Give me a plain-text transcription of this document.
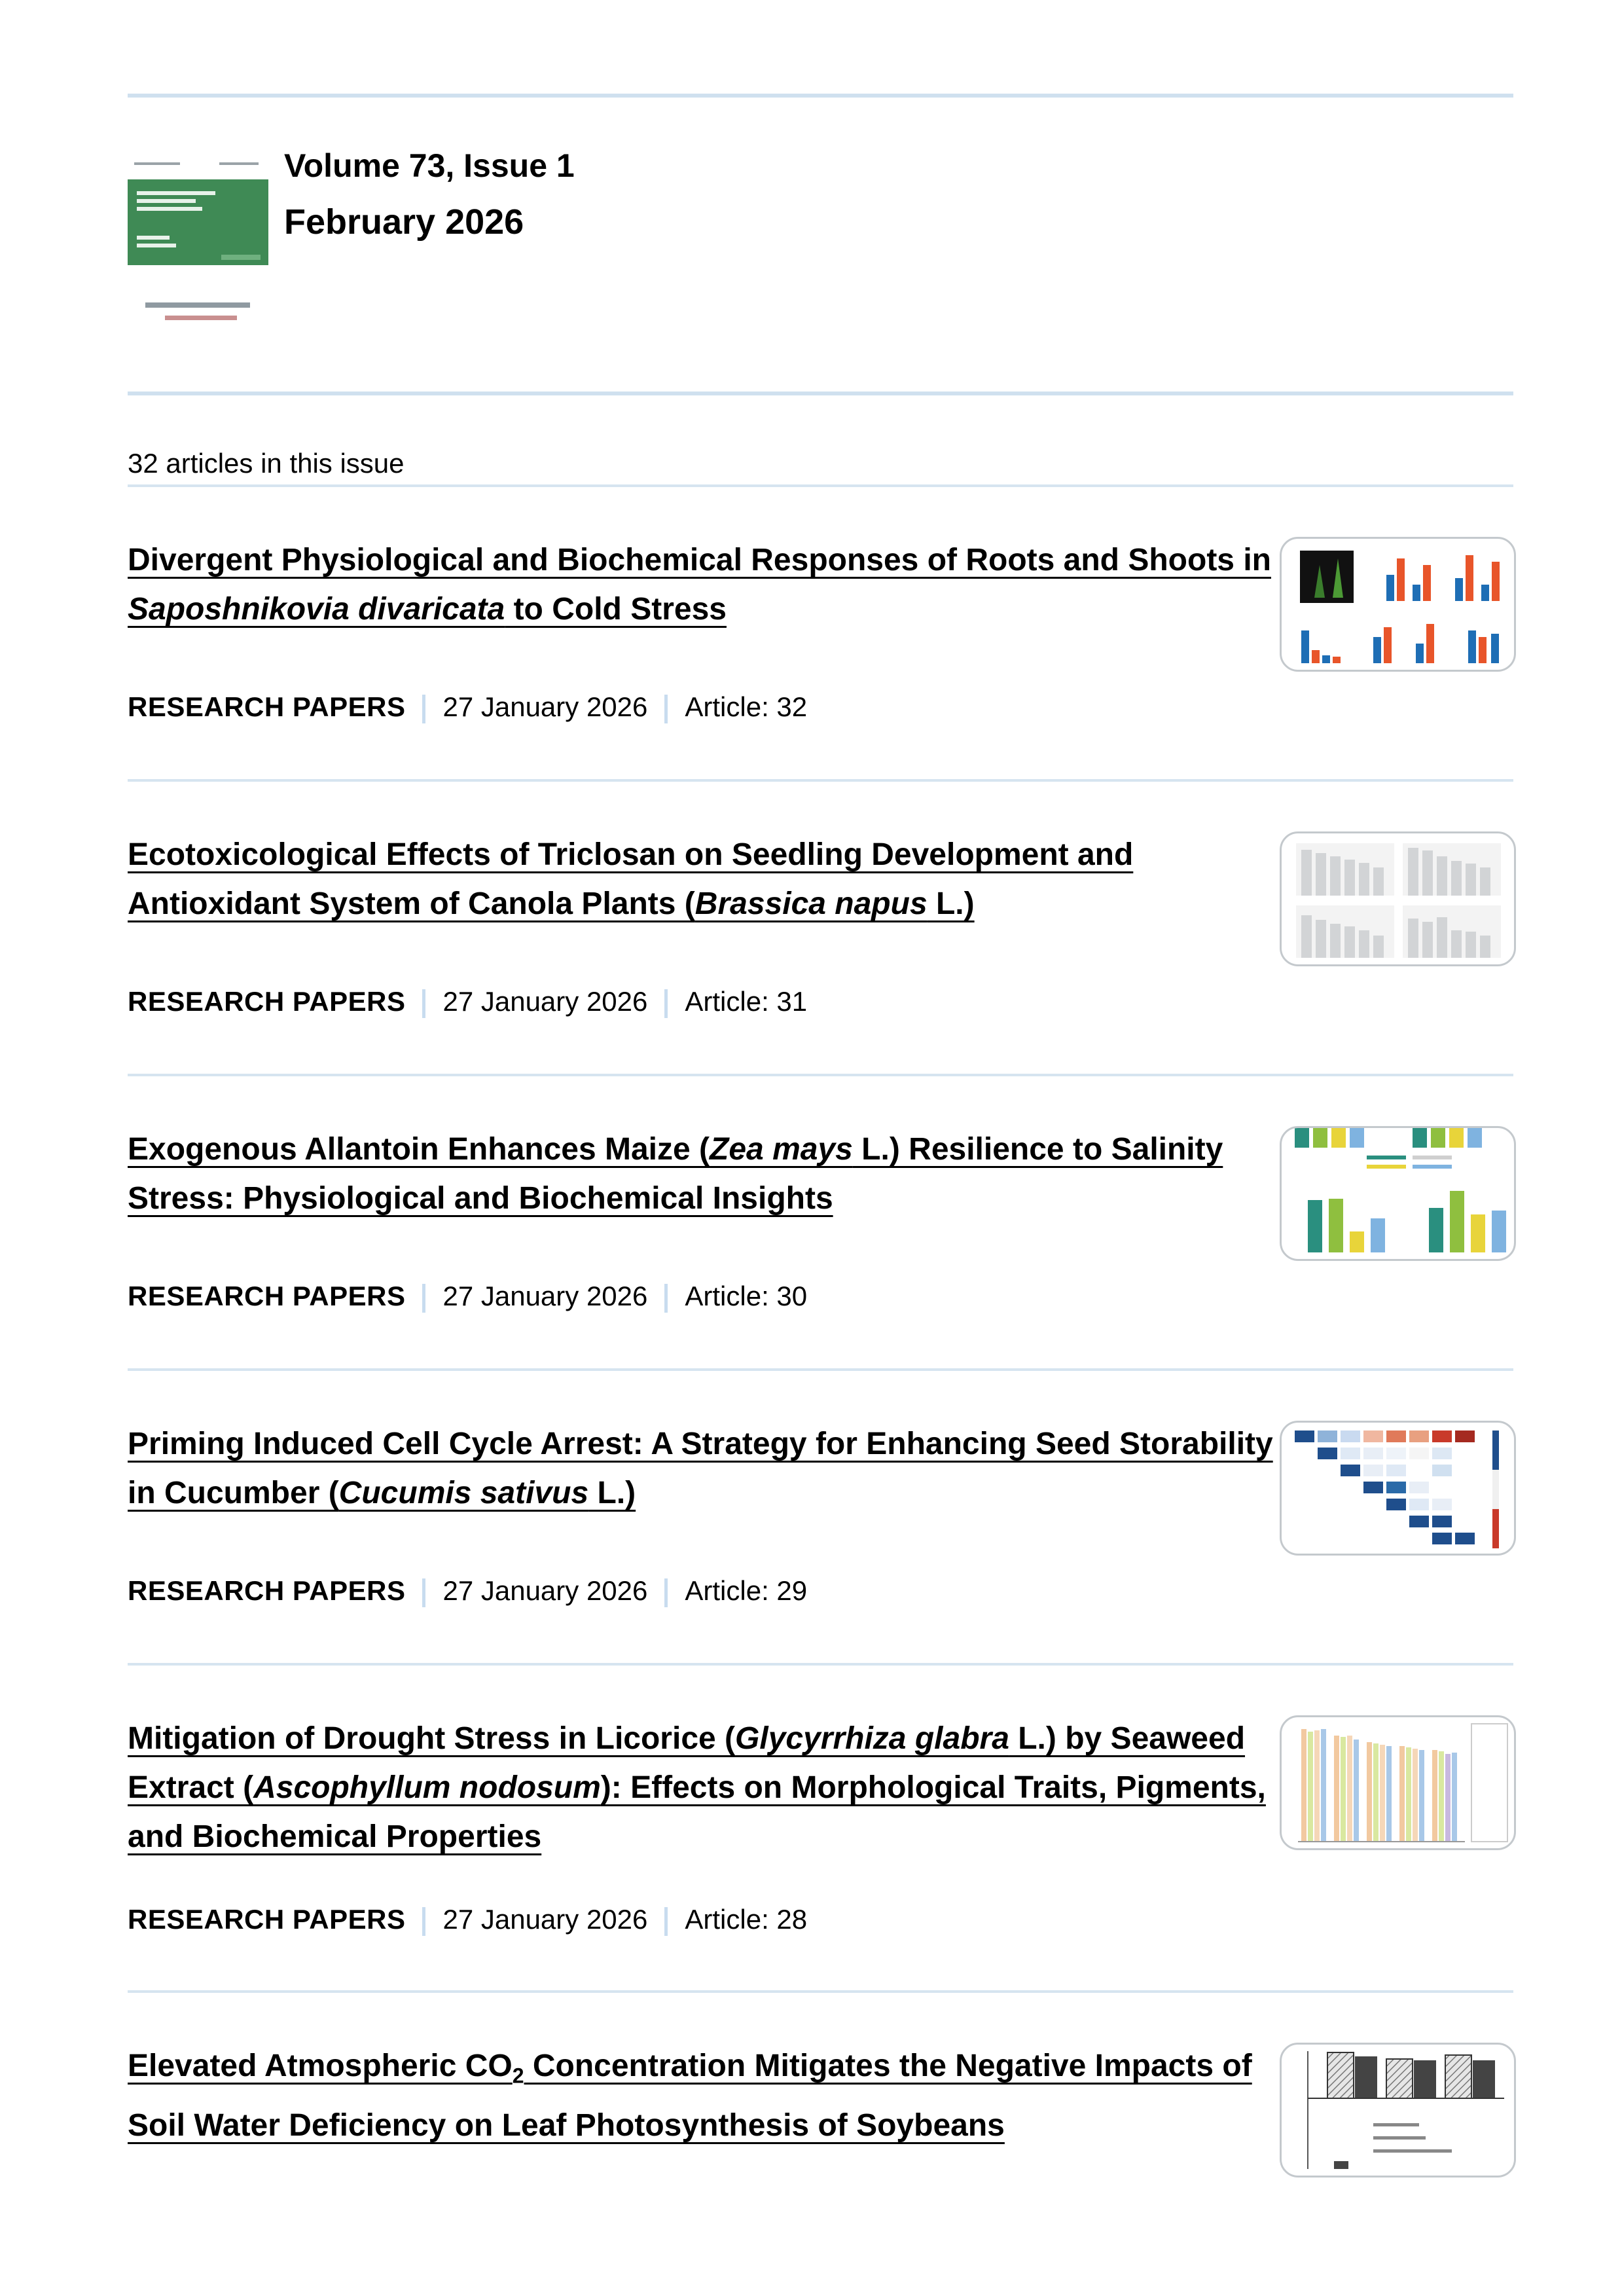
Volume 73, Issue 1
February 2026
32 articles in this issue
Divergent Physiological and Biochemical Responses of Roots and Shoots in Saposhnikovia divaricata to Cold Stress
RESEARCH PAPERS 27 January 2026 Article: 32
Ecotoxicological Effects of Triclosan on Seedling Development and Antioxidant System of Canola Plants (Brassica napus L.)
RESEARCH PAPERS 27 January 2026 Article: 31
Exogenous Allantoin Enhances Maize (Zea mays L.) Resilience to Salinity Stress: Physiological and Biochemical Insights
RESEARCH PAPERS 27 January 2026 Article: 30
Priming Induced Cell Cycle Arrest: A Strategy for Enhancing Seed Storability in Cucumber (Cucumis sativus L.)
RESEARCH PAPERS 27 January 2026 Article: 29
Mitigation of Drought Stress in Licorice (Glycyrrhiza glabra L.) by Seaweed Extract (Ascophyllum nodosum): Effects on Morphological Traits, Pigments, and Biochemical Properties
RESEARCH PAPERS 27 January 2026 Article: 28
Elevated Atmospheric $CO_2$ Concentration Mitigates the Negative Impacts of Soil Water Deficiency on Leaf Photosynthesis of Soybeans
